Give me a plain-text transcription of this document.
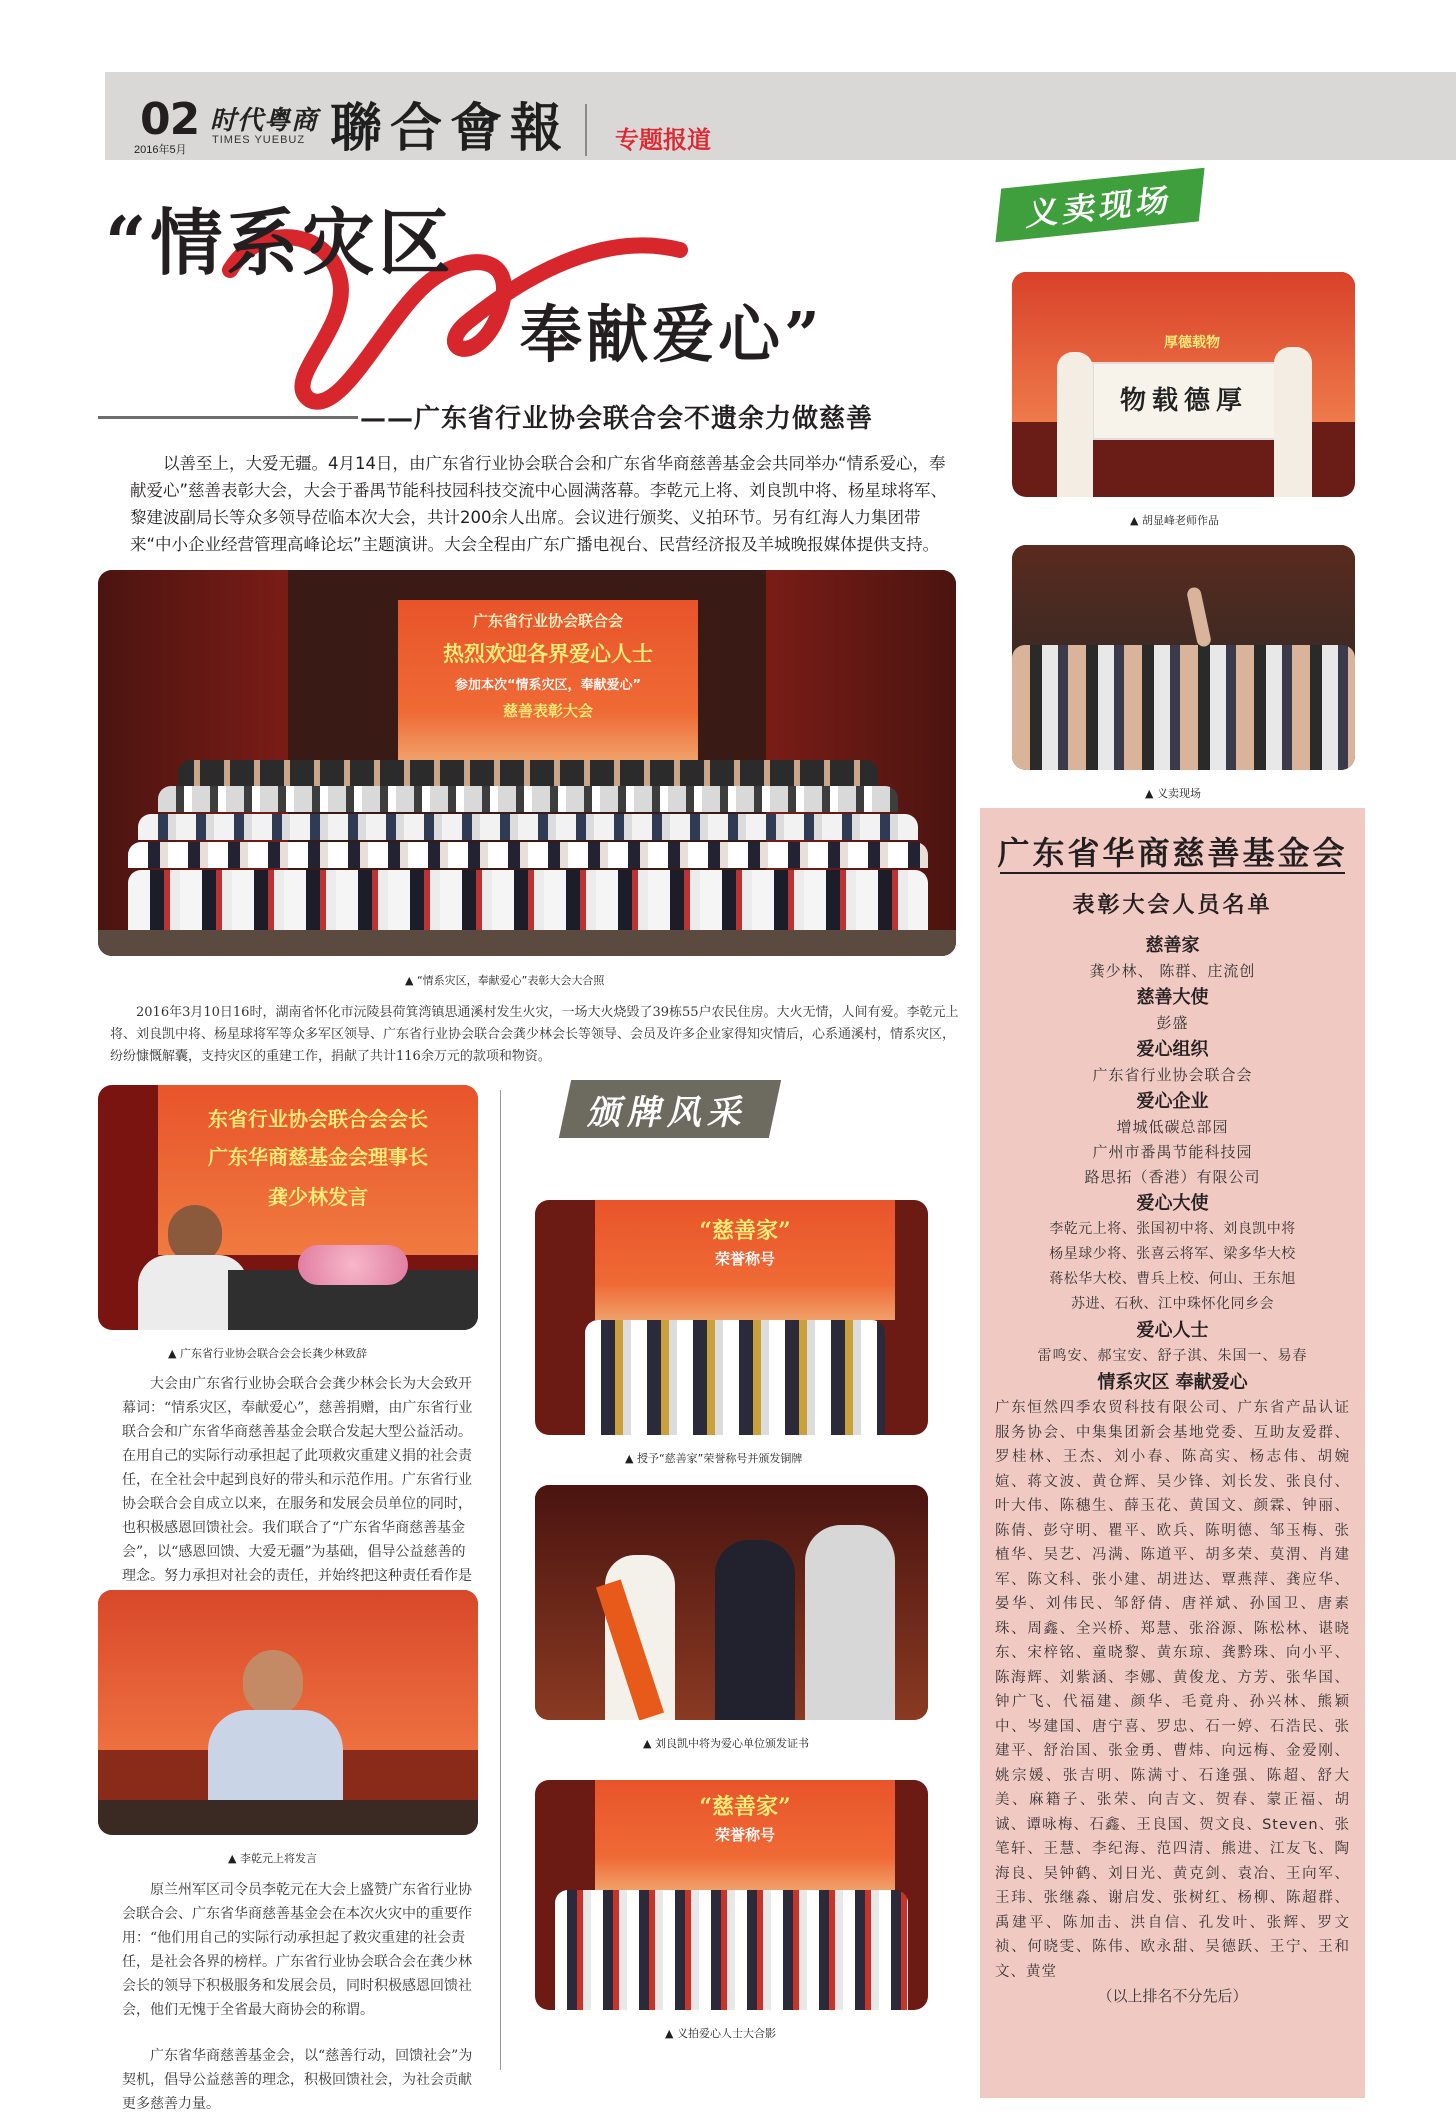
02
2016年5月
时代粤商
TIMES YUEBUZ 聯合會報 专题报道
“情系灾区
奉献爱心”
——广东省行业协会联合会不遗余力做慈善
以善至上，大爱无疆。4月14日，由广东省行业协会联合会和广东省华商慈善基金会共同举办“情系爱心，奉献爱心”慈善表彰大会，大会于番禺节能科技园科技交流中心圆满落幕。李乾元上将、刘良凯中将、杨星球将军、黎建波副局长等众多领导莅临本次大会，共计200余人出席。会议进行颁奖、义拍环节。另有红海人力集团带来“中小企业经营管理高峰论坛”主题演讲。大会全程由广东广播电视台、民营经济报及羊城晚报媒体提供支持。
广东省行业协会联合会
热烈欢迎各界爱心人士
参加本次“情系灾区，奉献爱心”
慈善表彰大会
▲ “情系灾区，奉献爱心”表彰大会大合照
2016年3月10日16时，湖南省怀化市沅陵县荷箕湾镇思通溪村发生火灾，一场大火烧毁了39栋55户农民住房。大火无情，人间有爱。李乾元上将、刘良凯中将、杨星球将军等众多军区领导、广东省行业协会联合会龚少林会长等领导、会员及许多企业家得知灾情后，心系通溪村，情系灾区，纷纷慷慨解囊，支持灾区的重建工作，捐献了共计116余万元的款项和物资。
东省行业协会联合会会长
广东华商慈基金会理事长
龚少林发言
▲ 广东省行业协会联合会会长龚少林致辞
大会由广东省行业协会联合会龚少林会长为大会致开幕词：“情系灾区，奉献爱心”，慈善捐赠，由广东省行业联合会和广东省华商慈善基金会联合发起大型公益活动。在用自己的实际行动承担起了此项救灾重建义捐的社会责任，在全社会中起到良好的带头和示范作用。广东省行业协会联合会自成立以来，在服务和发展会员单位的同时，也积极感恩回馈社会。我们联合了“广东省华商慈善基金会”，以“感恩回馈、大爱无疆”为基础，倡导公益慈善的理念。努力承担对社会的责任，并始终把这种责任看作是
▲ 李乾元上将发言
原兰州军区司令员李乾元在大会上盛赞广东省行业协会联合会、广东省华商慈善基金会在本次火灾中的重要作用：“他们用自己的实际行动承担起了救灾重建的社会责任，是社会各界的榜样。广东省行业协会联合会在龚少林会长的领导下积极服务和发展会员，同时积极感恩回馈社会，他们无愧于全省最大商协会的称谓。
广东省华商慈善基金会，以“慈善行动，回馈社会”为契机，倡导公益慈善的理念，积极回馈社会，为社会贡献更多慈善力量。
颁牌风采
“慈善家”
荣誉称号
▲ 授予“慈善家”荣誉称号并颁发铜牌
▲ 刘良凯中将为爱心单位颁发证书
“慈善家”
荣誉称号
▲ 义拍爱心人士大合影
义卖现场
厚德载物
物载德厚
▲ 胡显峰老师作品
▲ 义卖现场
广东省华商慈善基金会
表彰大会人员名单
慈善家
龚少林、 陈群、庄流创
慈善大使
彭盛
爱心组织
广东省行业协会联合会
爱心企业
增城低碳总部园
广州市番禺节能科技园
路思拓（香港）有限公司
爱心大使
李乾元上将、张国初中将、刘良凯中将
杨星球少将、张喜云将军、梁多华大校
蒋松华大校、曹兵上校、何山、王东旭
苏进、石秋、江中珠怀化同乡会
爱心人士
雷鸣安、郝宝安、舒子淇、朱国一、易春
情系灾区 奉献爱心
广东恒然四季农贸科技有限公司、广东省产品认证服务协会、中集集团新会基地党委、互助友爱群、罗桂林、王杰、刘小春、陈高实、杨志伟、胡婉媗、蒋文波、黄仓辉、吴少锋、刘长发、张良付、叶大伟、陈穗生、薛玉花、黄国文、颜霖、钟丽、陈倩、彭守明、瞿平、欧兵、陈明德、邹玉梅、张植华、吴艺、冯满、陈道平、胡多荣、莫渭、肖建军、陈文科、张小建、胡进达、覃燕萍、龚应华、晏华、刘伟民、邹舒倩、唐祥斌、孙国卫、唐素珠、周鑫、全兴桥、郑慧、张浴源、陈松林、谌晓东、宋梓铭、童晓黎、黄东琼、龚黔珠、向小平、陈海辉、刘紫涵、李娜、黄俊龙、方芳、张华国、钟广飞、代福建、颜华、毛竟舟、孙兴林、熊颖中、岑建国、唐宁喜、罗忠、石一婷、石浩民、张建平、舒治国、张金勇、曹炜、向远梅、金爱刚、姚宗媛、张吉明、陈满寸、石逢强、陈超、舒大美、麻籍子、张荣、向吉文、贺春、蒙正福、胡诚、谭咏梅、石鑫、王良国、贺文良、Steven、张笔轩、王慧、李纪海、范四清、熊进、江友飞、陶海良、吴钟鹤、刘日光、黄克剑、袁冶、王向军、王玮、张继淼、谢启发、张树红、杨柳、陈超群、禹建平、陈加击、洪自信、孔发叶、张辉、罗文祯、何晓雯、陈伟、欧永甜、吴德跃、王宁、王和文、黄堂
（以上排名不分先后）
